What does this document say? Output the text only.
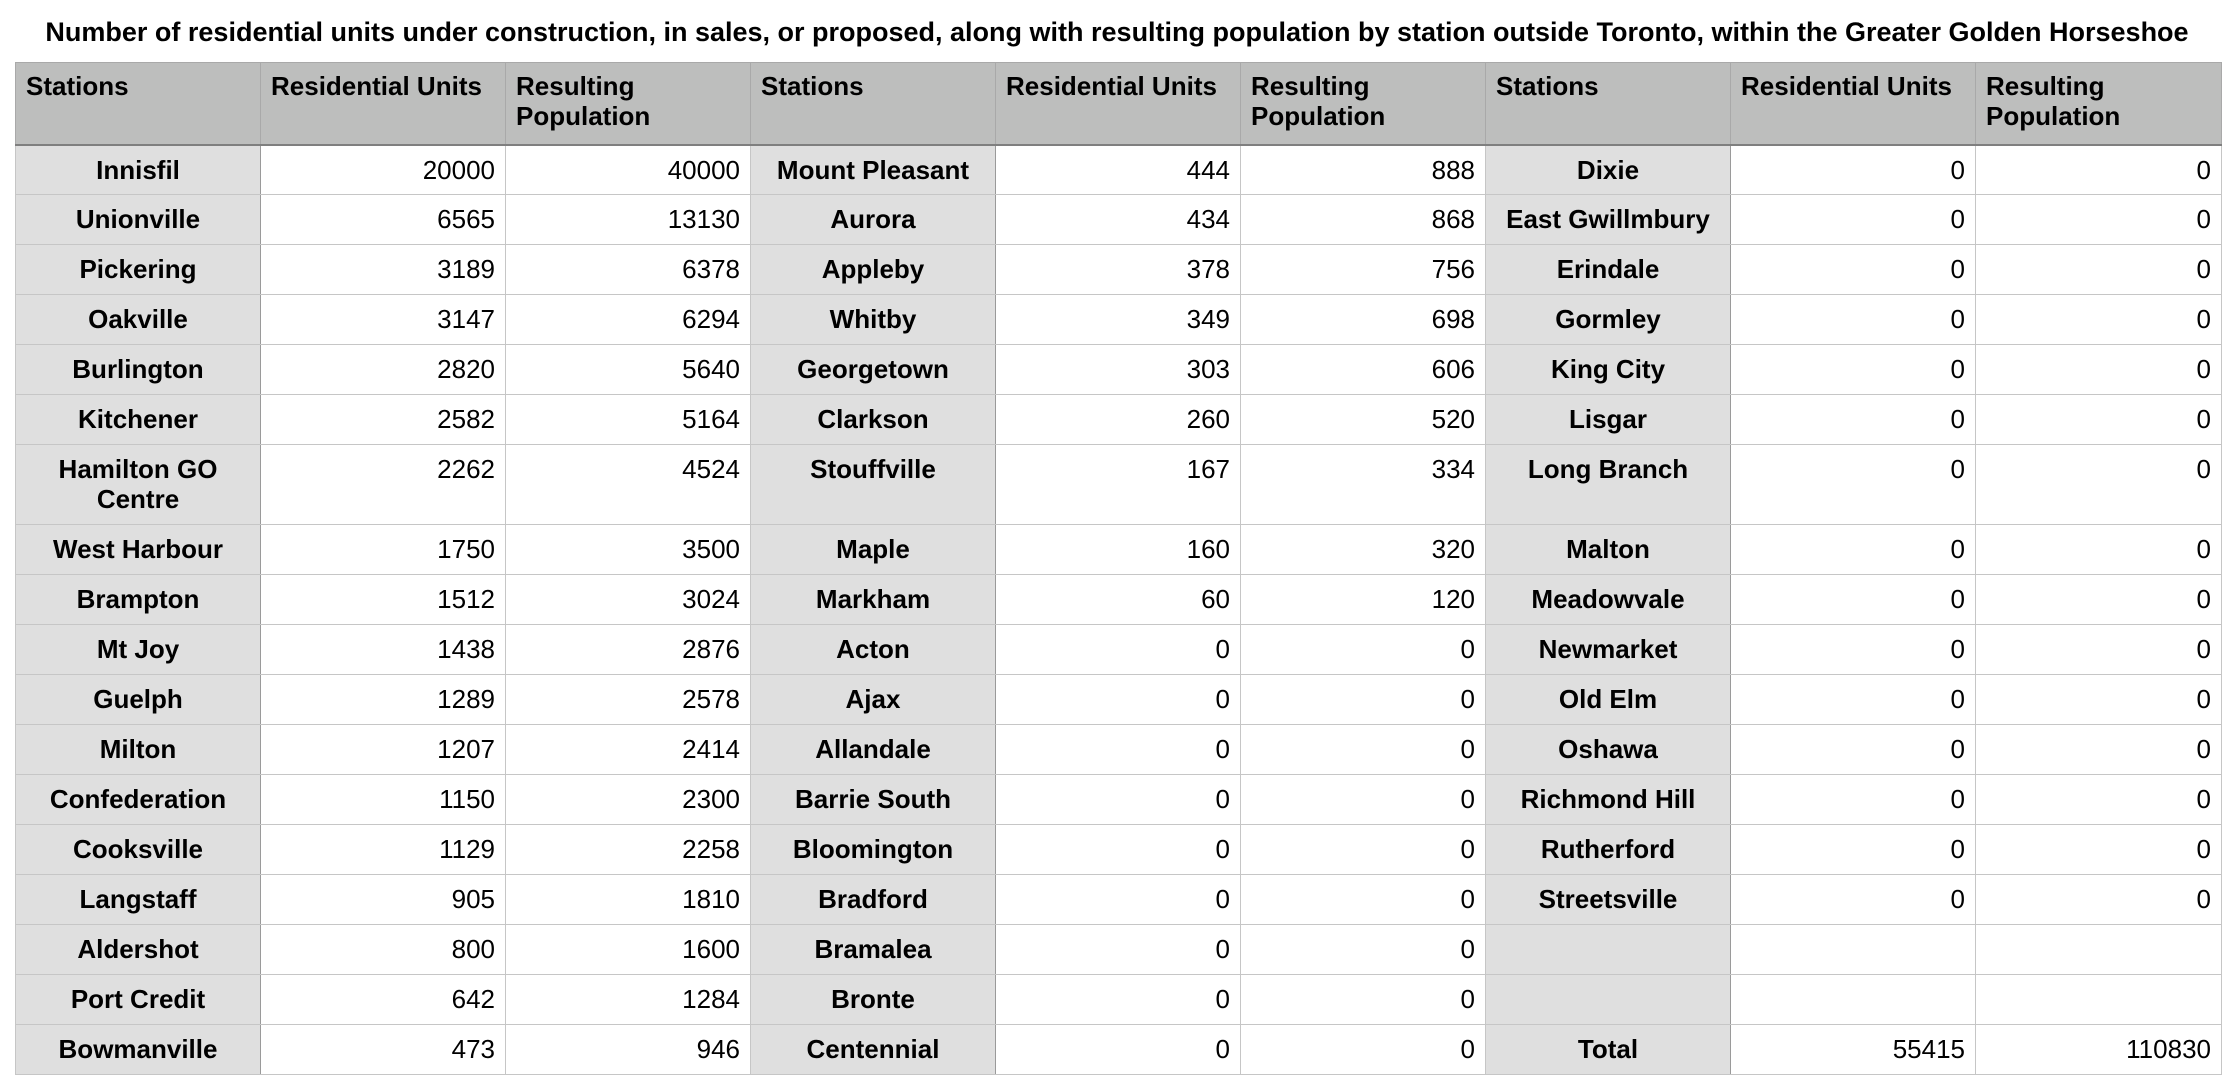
Number of residential units under construction, in sales, or proposed, along with resulting population by station outside Toronto, within the Greater Golden Horseshoe
Stations	Residential Units	Resulting Population	Stations	Residential Units	Resulting Population	Stations	Residential Units	Resulting Population
Innisfil	20000	40000	Mount Pleasant	444	888	Dixie	0	0
Unionville	6565	13130	Aurora	434	868	East Gwillmbury	0	0
Pickering	3189	6378	Appleby	378	756	Erindale	0	0
Oakville	3147	6294	Whitby	349	698	Gormley	0	0
Burlington	2820	5640	Georgetown	303	606	King City	0	0
Kitchener	2582	5164	Clarkson	260	520	Lisgar	0	0
Hamilton GO Centre	2262	4524	Stouffville	167	334	Long Branch	0	0
West Harbour	1750	3500	Maple	160	320	Malton	0	0
Brampton	1512	3024	Markham	60	120	Meadowvale	0	0
Mt Joy	1438	2876	Acton	0	0	Newmarket	0	0
Guelph	1289	2578	Ajax	0	0	Old Elm	0	0
Milton	1207	2414	Allandale	0	0	Oshawa	0	0
Confederation	1150	2300	Barrie South	0	0	Richmond Hill	0	0
Cooksville	1129	2258	Bloomington	0	0	Rutherford	0	0
Langstaff	905	1810	Bradford	0	0	Streetsville	0	0
Aldershot	800	1600	Bramalea	0	0			
Port Credit	642	1284	Bronte	0	0			
Bowmanville	473	946	Centennial	0	0	Total	55415	110830
